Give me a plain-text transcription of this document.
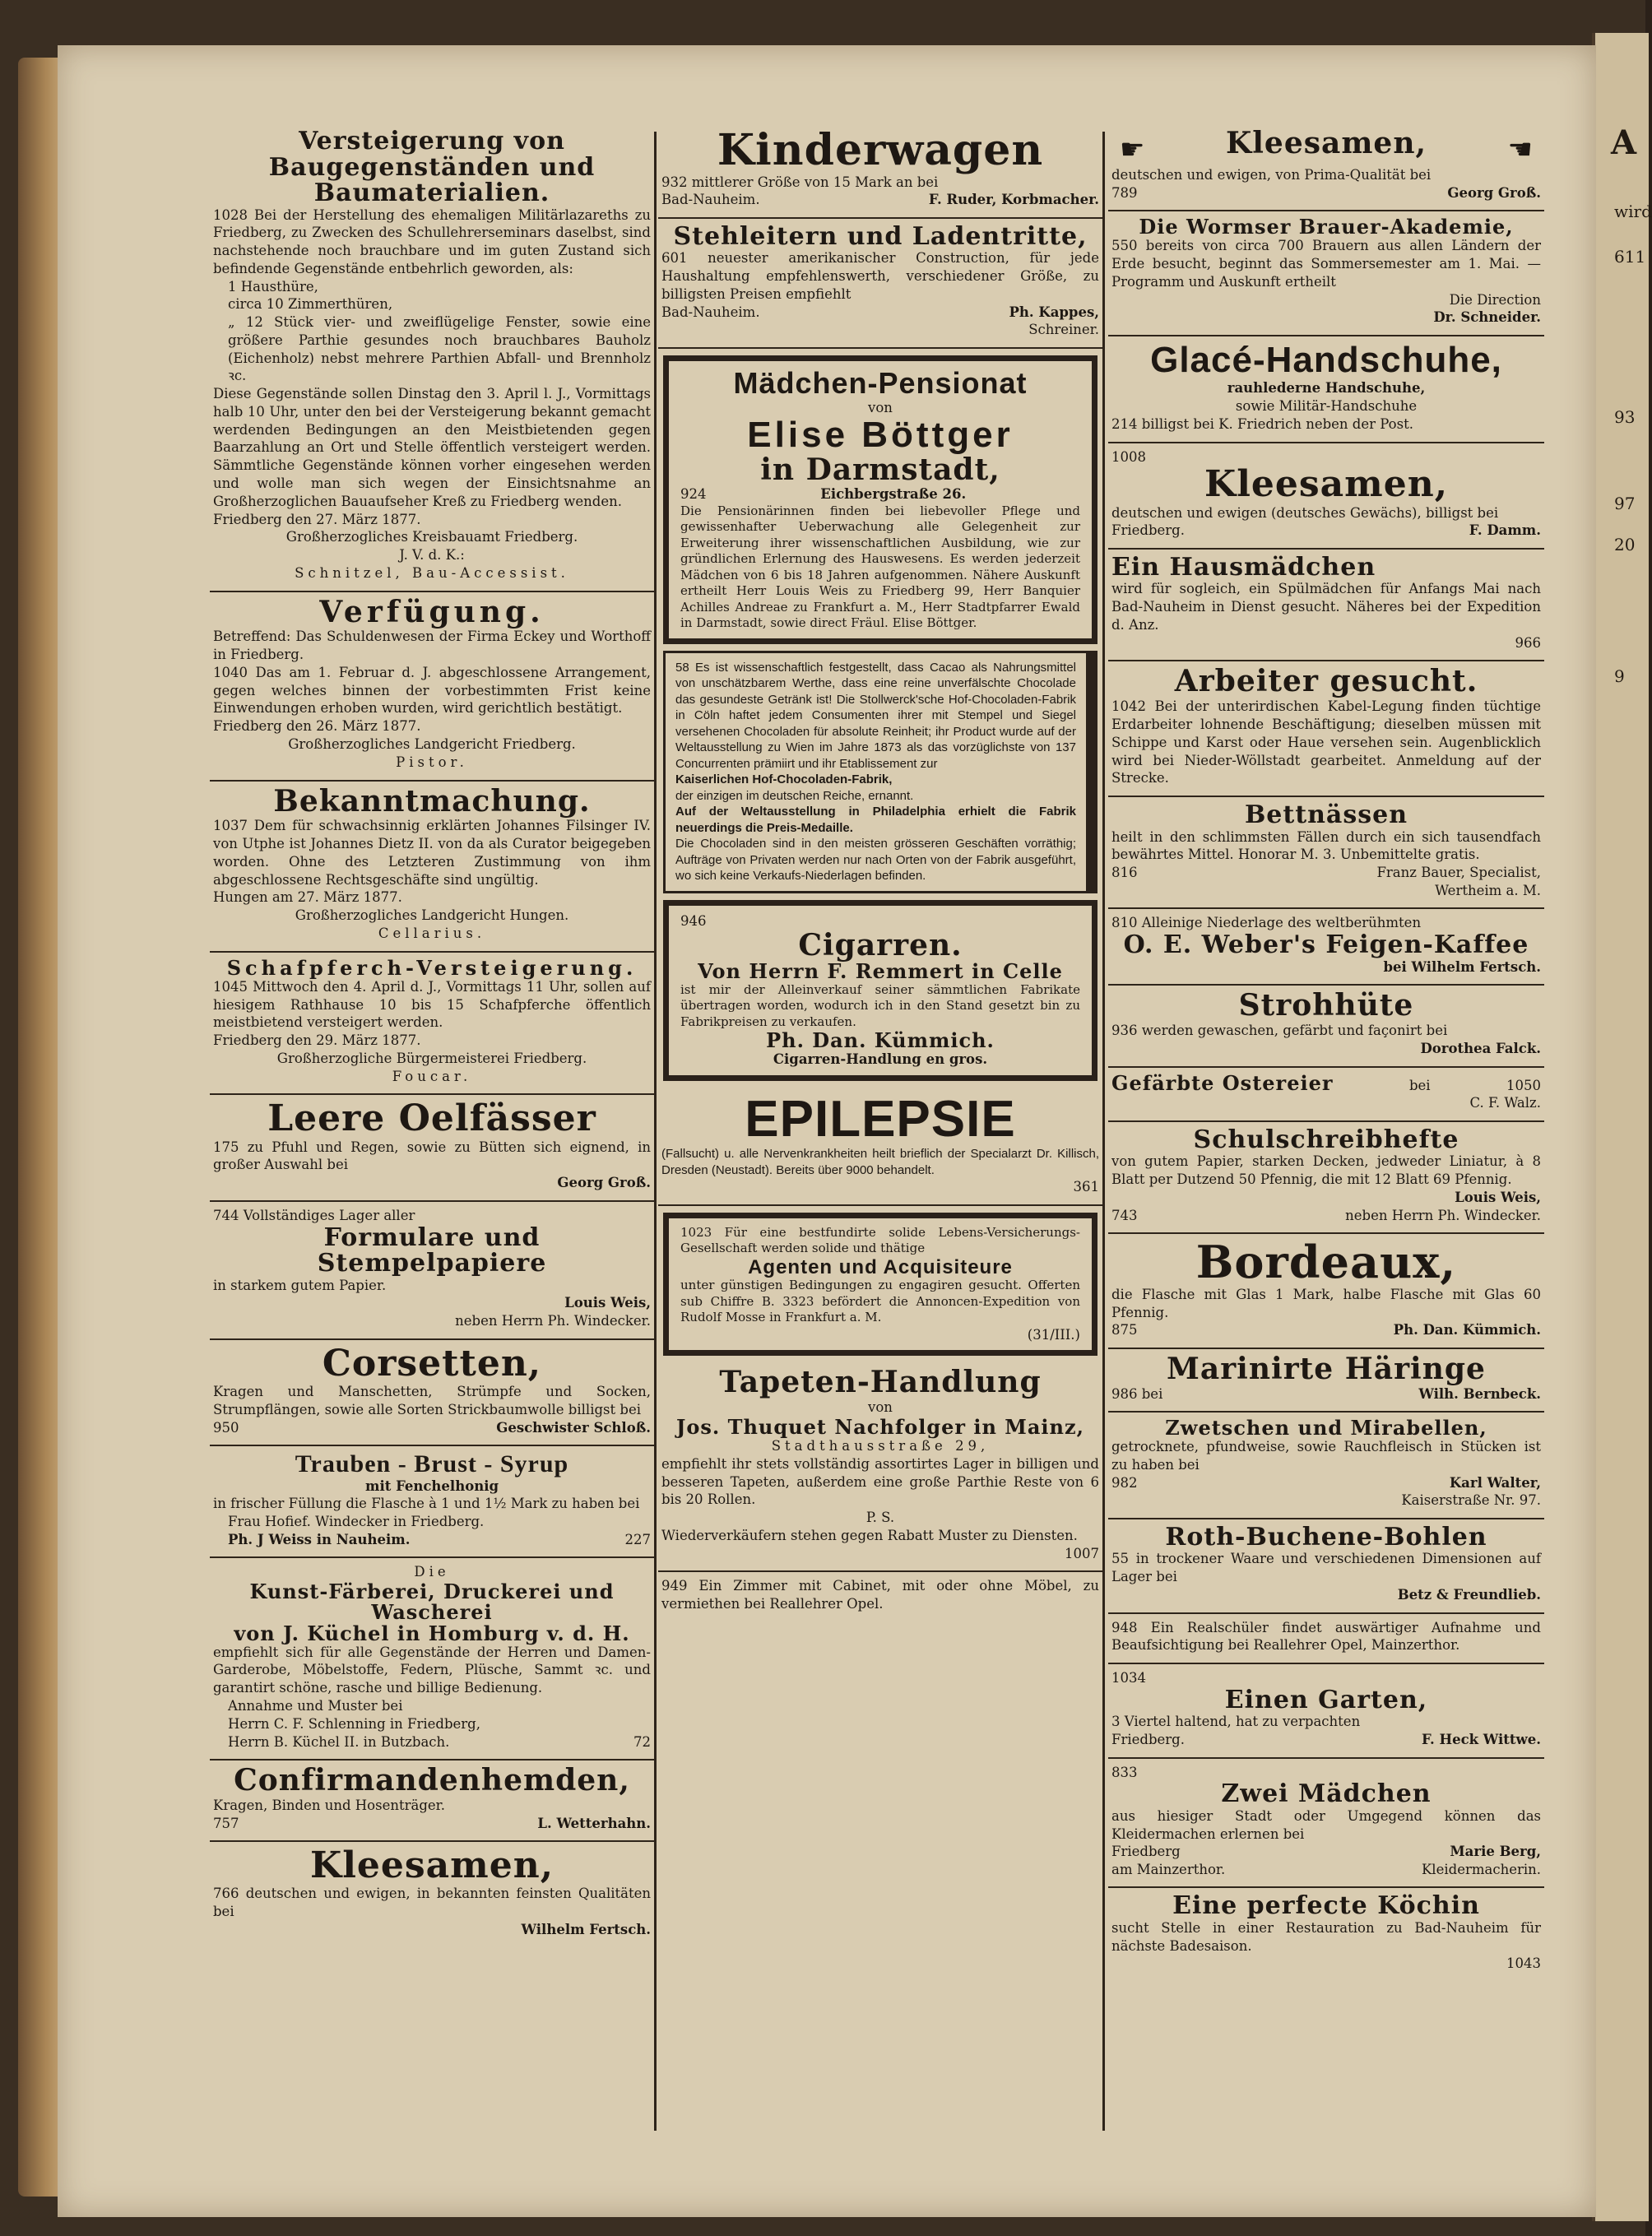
A
wird
611
93
97
20
9
Versteigerung von Baugegenständen und Baumaterialien.
1028 Bei der Herstellung des ehemaligen Militärlazareths zu Friedberg, zu Zwecken des Schullehrerseminars daselbst, sind nachstehende noch brauchbare und im guten Zustand sich befindende Gegenstände entbehrlich geworden, als:
1 Hausthüre,
circa 10 Zimmerthüren,
„ 12 Stück vier- und zweiflügelige Fenster, sowie eine größere Parthie gesundes noch brauchbares Bauholz (Eichenholz) nebst mehrere Parthien Abfall- und Brennholz ꝛc.
Diese Gegenstände sollen Dinstag den 3. April l. J., Vormittags halb 10 Uhr, unter den bei der Versteigerung bekannt gemacht werdenden Bedingungen an den Meistbietenden gegen Baarzahlung an Ort und Stelle öffentlich versteigert werden. Sämmtliche Gegenstände können vorher eingesehen werden und wolle man sich wegen der Einsichtsnahme an Großherzoglichen Bauaufseher Kreß zu Friedberg wenden.
Friedberg den 27. März 1877.
Großherzogliches Kreisbauamt Friedberg.
J. V. d. K.:
Schnitzel, Bau-Accessist.
Verfügung.
Betreffend: Das Schuldenwesen der Firma Eckey und Worthoff in Friedberg.
1040 Das am 1. Februar d. J. abgeschlossene Arrangement, gegen welches binnen der vorbestimmten Frist keine Einwendungen erhoben wurden, wird gerichtlich bestätigt.
Friedberg den 26. März 1877.
Großherzogliches Landgericht Friedberg.
Pistor.
Bekanntmachung.
1037 Dem für schwachsinnig erklärten Johannes Filsinger IV. von Utphe ist Johannes Dietz II. von da als Curator beigegeben worden. Ohne des Letzteren Zustimmung von ihm abgeschlossene Rechtsgeschäfte sind ungültig.
Hungen am 27. März 1877.
Großherzogliches Landgericht Hungen.
Cellarius.
Schafpferch-Versteigerung.
1045 Mittwoch den 4. April d. J., Vormittags 11 Uhr, sollen auf hiesigem Rathhause 10 bis 15 Schafpferche öffentlich meistbietend versteigert werden.
Friedberg den 29. März 1877.
Großherzogliche Bürgermeisterei Friedberg.
Foucar.
Leere Oelfässer
175 zu Pfuhl und Regen, sowie zu Bütten sich eignend, in großer Auswahl bei
Georg Groß.
744 Vollständiges Lager aller
Formulare und Stempelpapiere
in starkem gutem Papier.
Louis Weis,
neben Herrn Ph. Windecker.
Corsetten,
Kragen und Manschetten, Strümpfe und Socken, Strumpflängen, sowie alle Sorten Strickbaumwolle billigst bei
950	Geschwister Schloß.
Trauben - Brust - Syrup
mit Fenchelhonig
in frischer Füllung die Flasche à 1 und 1½ Mark zu haben bei
Frau Hofief. Windecker in Friedberg.
Ph. J Weiss in Nauheim.	227
Die
Kunst-Färberei, Druckerei und Wascherei
von J. Küchel in Homburg v. d. H.
empfiehlt sich für alle Gegenstände der Herren und Damen-Garderobe, Möbelstoffe, Federn, Plüsche, Sammt ꝛc. und garantirt schöne, rasche und billige Bedienung.
Annahme und Muster bei
Herrn C. F. Schlenning in Friedberg,
Herrn B. Küchel II. in Butzbach.	72
Confirmandenhemden,
Kragen, Binden und Hosenträger.
757	L. Wetterhahn.
Kleesamen,
766 deutschen und ewigen, in bekannten feinsten Qualitäten bei
Wilhelm Fertsch.
Kinderwagen
932 mittlerer Größe von 15 Mark an bei
Bad-Nauheim.	F. Ruder, Korbmacher.
Stehleitern und Ladentritte,
601 neuester amerikanischer Construction, für jede Haushaltung empfehlenswerth, verschiedener Größe, zu billigsten Preisen empfiehlt
Bad-Nauheim.	Ph. Kappes,
Schreiner.
Mädchen-Pensionat
von
Elise Böttger
in Darmstadt,
924	Eichbergstraße 26.
Die Pensionärinnen finden bei liebevoller Pflege und gewissenhafter Ueberwachung alle Gelegenheit zur Erweiterung ihrer wissenschaftlichen Ausbildung, wie zur gründlichen Erlernung des Hauswesens. Es werden jederzeit Mädchen von 6 bis 18 Jahren aufgenommen. Nähere Auskunft ertheilt Herr Louis Weis zu Friedberg 99, Herr Banquier Achilles Andreae zu Frankfurt a. M., Herr Stadtpfarrer Ewald in Darmstadt, sowie direct Fräul. Elise Böttger.
58 Es ist wissenschaftlich festgestellt, dass Cacao als Nahrungsmittel von unschätzbarem Werthe, dass eine reine unverfälschte Chocolade das gesundeste Getränk ist! Die Stollwerck'sche Hof-Chocoladen-Fabrik in Cöln haftet jedem Consumenten ihrer mit Stempel und Siegel versehenen Chocoladen für absolute Reinheit; ihr Product wurde auf der Weltausstellung zu Wien im Jahre 1873 als das vorzüglichste von 137 Concurrenten prämiirt und ihr Etablissement zur
Kaiserlichen Hof-Chocoladen-Fabrik,
der einzigen im deutschen Reiche, ernannt.
Auf der Weltausstellung in Philadelphia erhielt die Fabrik neuerdings die Preis-Medaille.
Die Chocoladen sind in den meisten grösseren Geschäften vorräthig; Aufträge von Privaten werden nur nach Orten von der Fabrik ausgeführt, wo sich keine Verkaufs-Niederlagen befinden.
946
Cigarren.
Von Herrn F. Remmert in Celle
ist mir der Alleinverkauf seiner sämmtlichen Fabrikate übertragen worden, wodurch ich in den Stand gesetzt bin zu Fabrikpreisen zu verkaufen.
Ph. Dan. Kümmich.
Cigarren-Handlung en gros.
EPILEPSIE
(Fallsucht) u. alle Nervenkrankheiten heilt brieflich der Specialarzt Dr. Killisch, Dresden (Neustadt). Bereits über 9000 behandelt.
361
1023 Für eine bestfundirte solide Lebens-Versicherungs-Gesellschaft werden solide und thätige
Agenten und Acquisiteure
unter günstigen Bedingungen zu engagiren gesucht. Offerten sub Chiffre B. 3323 befördert die Annoncen-Expedition von Rudolf Mosse in Frankfurt a. M.
(31/III.)
Tapeten-Handlung
von
Jos. Thuquet Nachfolger in Mainz,
Stadthausstraße 29,
empfiehlt ihr stets vollständig assortirtes Lager in billigen und besseren Tapeten, außerdem eine große Parthie Reste von 6 bis 20 Rollen.
P. S.
Wiederverkäufern stehen gegen Rabatt Muster zu Diensten.
1007
949 Ein Zimmer mit Cabinet, mit oder ohne Möbel, zu vermiethen bei Reallehrer Opel.
☛	Kleesamen,	☚
deutschen und ewigen, von Prima-Qualität bei
789	Georg Groß.
Die Wormser Brauer-Akademie,
550 bereits von circa 700 Brauern aus allen Ländern der Erde besucht, beginnt das Sommersemester am 1. Mai. — Programm und Auskunft ertheilt
Die Direction
Dr. Schneider.
Glacé-Handschuhe,
rauhlederne Handschuhe,
sowie Militär-Handschuhe
214 billigst bei K. Friedrich neben der Post.
1008
Kleesamen,
deutschen und ewigen (deutsches Gewächs), billigst bei
Friedberg.	F. Damm.
Ein Hausmädchen
wird für sogleich, ein Spülmädchen für Anfangs Mai nach Bad-Nauheim in Dienst gesucht. Näheres bei der Expedition d. Anz.
966
Arbeiter gesucht.
1042 Bei der unterirdischen Kabel-Legung finden tüchtige Erdarbeiter lohnende Beschäftigung; dieselben müssen mit Schippe und Karst oder Haue versehen sein. Augenblicklich wird bei Nieder-Wöllstadt gearbeitet. Anmeldung auf der Strecke.
Bettnässen
heilt in den schlimmsten Fällen durch ein sich tausendfach bewährtes Mittel. Honorar M. 3. Unbemittelte gratis.
816	Franz Bauer, Specialist,
Wertheim a. M.
810 Alleinige Niederlage des weltberühmten
O. E. Weber's Feigen-Kaffee
bei Wilhelm Fertsch.
Strohhüte
936 werden gewaschen, gefärbt und façonirt bei
Dorothea Falck.
Gefärbte Ostereier	bei	1050
C. F. Walz.
Schulschreibhefte
von gutem Papier, starken Decken, jedweder Liniatur, à 8 Blatt per Dutzend 50 Pfennig, die mit 12 Blatt 69 Pfennig.
Louis Weis,
743	neben Herrn Ph. Windecker.
Bordeaux,
die Flasche mit Glas 1 Mark, halbe Flasche mit Glas 60 Pfennig.
875	Ph. Dan. Kümmich.
Marinirte Häringe
986 bei	Wilh. Bernbeck.
Zwetschen und Mirabellen,
getrocknete, pfundweise, sowie Rauchfleisch in Stücken ist zu haben bei
982	Karl Walter,
Kaiserstraße Nr. 97.
Roth-Buchene-Bohlen
55 in trockener Waare und verschiedenen Dimensionen auf Lager bei
Betz & Freundlieb.
948 Ein Realschüler findet auswärtiger Aufnahme und Beaufsichtigung bei Reallehrer Opel, Mainzerthor.
1034
Einen Garten,
3 Viertel haltend, hat zu verpachten
Friedberg.	F. Heck Wittwe.
833
Zwei Mädchen
aus hiesiger Stadt oder Umgegend können das Kleidermachen erlernen bei
Friedberg	Marie Berg,
am Mainzerthor.	Kleidermacherin.
Eine perfecte Köchin
sucht Stelle in einer Restauration zu Bad-Nauheim für nächste Badesaison.
1043
